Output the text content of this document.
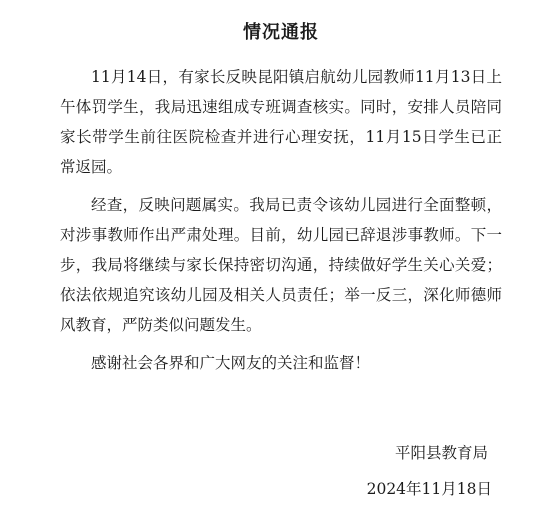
情况通报

11月14日，有家长反映昆阳镇启航幼儿园教师11月13日上午体罚学生，我局迅速组成专班调查核实。同时，安排人员陪同家长带学生前往医院检查并进行心理安抚，11月15日学生已正常返园。

经查，反映问题属实。我局已责令该幼儿园进行全面整顿，对涉事教师作出严肃处理。目前，幼儿园已辞退涉事教师。下一步，我局将继续与家长保持密切沟通，持续做好学生关心关爱；依法依规追究该幼儿园及相关人员责任；举一反三，深化师德师风教育，严防类似问题发生。

感谢社会各界和广大网友的关注和监督！

平阳县教育局
2024年11月18日
